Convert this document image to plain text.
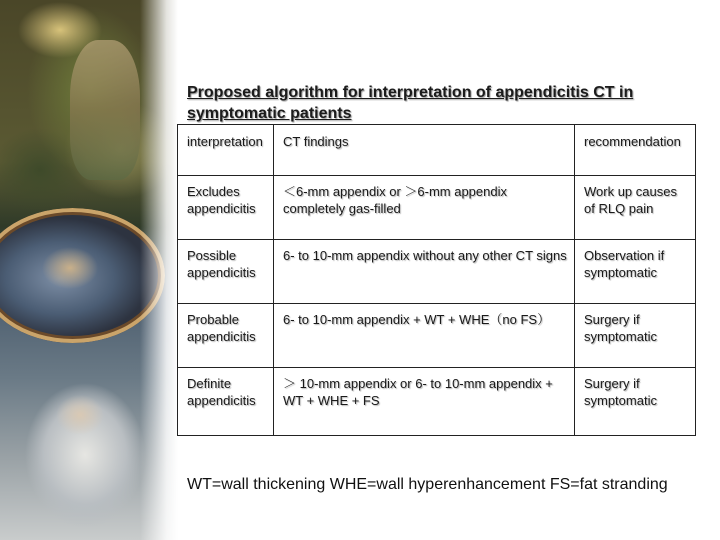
Proposed algorithm for interpretation of appendicitis CT in symptomatic patients
interpretation	CT findings	recommendation
Excludes appendicitis	＜6-mm appendix or ＞6-mm appendix completely gas-filled	Work up causes of RLQ pain
Possible appendicitis	6- to 10-mm appendix without any other CT signs	Observation if symptomatic
Probable appendicitis	6- to 10-mm appendix + WT + WHE（no FS）	Surgery if symptomatic
Definite appendicitis	＞ 10-mm appendix or 6- to 10-mm appendix + WT + WHE + FS	Surgery if symptomatic

WT=wall thickening WHE=wall hyperenhancement FS=fat stranding
